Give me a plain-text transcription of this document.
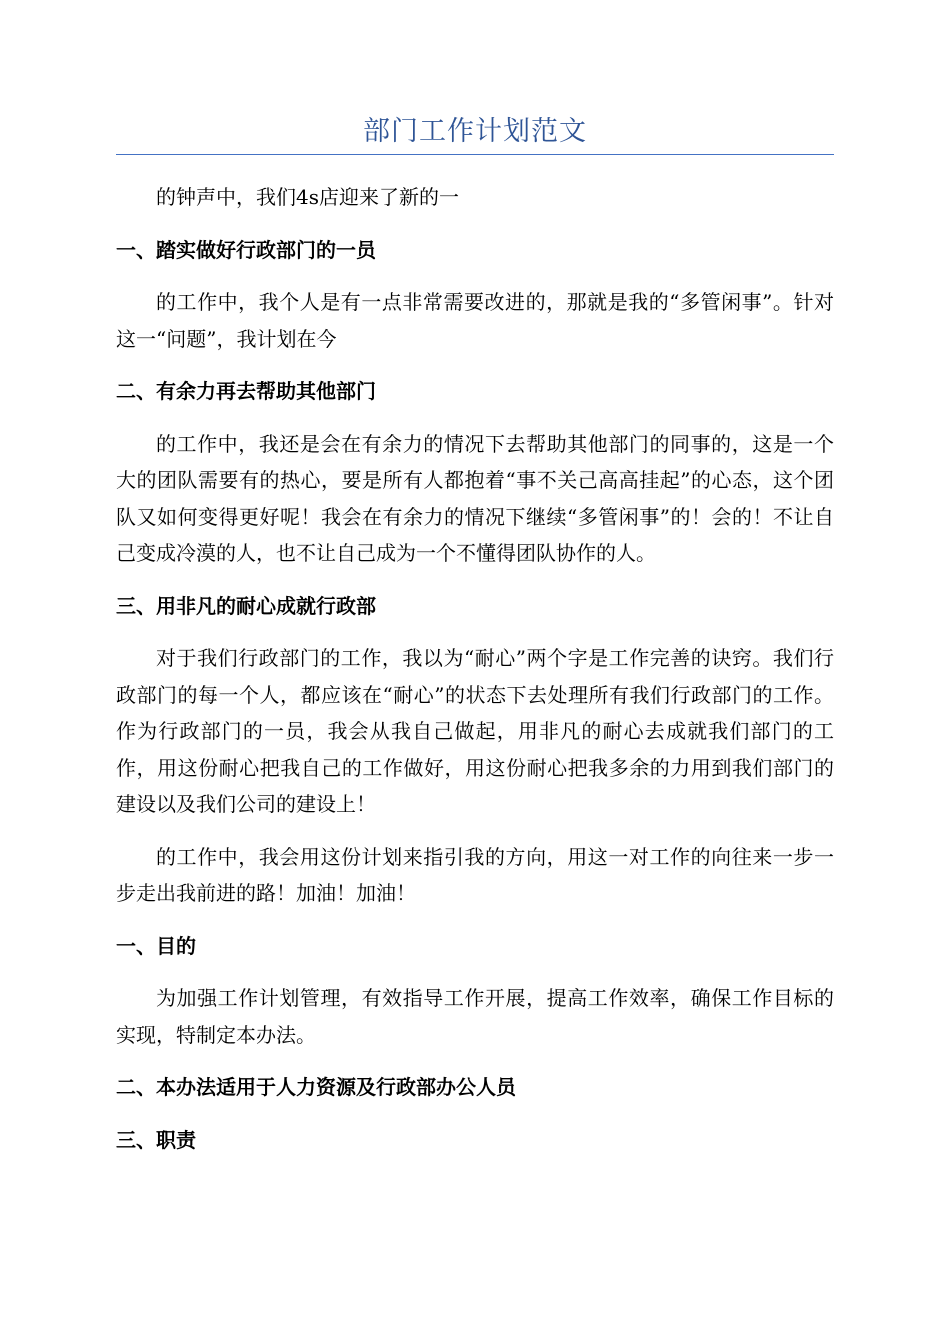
部门工作计划范文

的钟声中，我们4s店迎来了新的一

一、踏实做好行政部门的一员

的工作中，我个人是有一点非常需要改进的，那就是我的“多管闲事”。针对这一“问题”，我计划在今

二、有余力再去帮助其他部门

的工作中，我还是会在有余力的情况下去帮助其他部门的同事的，这是一个大的团队需要有的热心，要是所有人都抱着“事不关己高高挂起”的心态，这个团队又如何变得更好呢！我会在有余力的情况下继续“多管闲事”的！会的！不让自己变成冷漠的人，也不让自己成为一个不懂得团队协作的人。

三、用非凡的耐心成就行政部

对于我们行政部门的工作，我以为“耐心”两个字是工作完善的诀窍。我们行政部门的每一个人，都应该在“耐心”的状态下去处理所有我们行政部门的工作。作为行政部门的一员，我会从我自己做起，用非凡的耐心去成就我们部门的工作，用这份耐心把我自己的工作做好，用这份耐心把我多余的力用到我们部门的建设以及我们公司的建设上！

的工作中，我会用这份计划来指引我的方向，用这一对工作的向往来一步一步走出我前进的路！加油！加油！

一、目的

为加强工作计划管理，有效指导工作开展，提高工作效率，确保工作目标的实现，特制定本办法。

二、本办法适用于人力资源及行政部办公人员

三、职责
